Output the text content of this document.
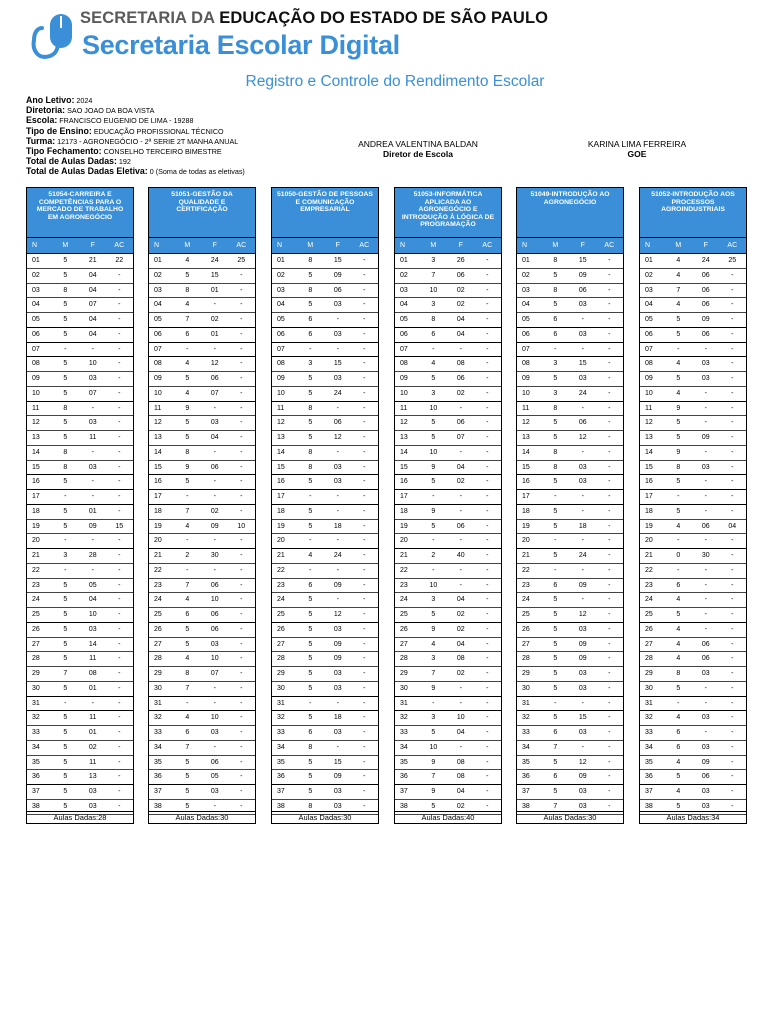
SECRETARIA DA EDUCAÇÃO DO ESTADO DE SÃO PAULO
Secretaria Escolar Digital
Registro e Controle do Rendimento Escolar
Ano Letivo: 2024
Diretoria: SAO JOAO DA BOA VISTA
Escola: FRANCISCO EUGENIO DE LIMA - 19288
Tipo de Ensino: EDUCAÇÃO PROFISSIONAL TÉCNICO
Turma: 12173 - AGRONEGÓCIO - 2ª SERIE 2T MANHA ANUAL
Tipo Fechamento: CONSELHO TERCEIRO BIMESTRE
Total de Aulas Dadas: 192
Total de Aulas Dadas Eletiva: 0 (Soma de todas as eletivas)
ANDREA VALENTINA BALDAN
Diretor de Escola
KARINA LIMA FERREIRA
GOE
51054-CARREIRA E COMPETÊNCIAS PARA O MERCADO DE TRABALHO EM AGRONEGÓCIO
N	M	F	AC
01	5	21	22
02	5	04	-
03	8	04	-
04	5	07	-
05	5	04	-
06	5	04	-
07	-	-	-
08	5	10	-
09	5	03	-
10	5	07	-
11	8	-	-
12	5	03	-
13	5	11	-
14	8	-	-
15	8	03	-
16	5	-	-
17	-	-	-
18	5	01	-
19	5	09	15
20	-	-	-
21	3	28	-
22	-	-	-
23	5	05	-
24	5	04	-
25	5	10	-
26	5	03	-
27	5	14	-
28	5	11	-
29	7	08	-
30	5	01	-
31	-	-	-
32	5	11	-
33	5	01	-
34	5	02	-
35	5	11	-
36	5	13	-
37	5	03	-
38	5	03	-
Aulas Dadas:28
51051-GESTÃO DA QUALIDADE E CERTIFICAÇÃO
N	M	F	AC
01	4	24	25
02	5	15	-
03	8	01	-
04	4	-	-
05	7	02	-
06	6	01	-
07	-	-	-
08	4	12	-
09	5	06	-
10	4	07	-
11	9	-	-
12	5	03	-
13	5	04	-
14	8	-	-
15	9	06	-
16	5	-	-
17	-	-	-
18	7	02	-
19	4	09	10
20	-	-	-
21	2	30	-
22	-	-	-
23	7	06	-
24	4	10	-
25	6	06	-
26	5	06	-
27	5	03	-
28	4	10	-
29	8	07	-
30	7	-	-
31	-	-	-
32	4	10	-
33	6	03	-
34	7	-	-
35	5	06	-
36	5	05	-
37	5	03	-
38	5	-	-
Aulas Dadas:30
51050-GESTÃO DE PESSOAS E COMUNICAÇÃO EMPRESARIAL
N	M	F	AC
01	8	15	-
02	5	09	-
03	8	06	-
04	5	03	-
05	6	-	-
06	6	03	-
07	-	-	-
08	3	15	-
09	5	03	-
10	5	24	-
11	8	-	-
12	5	06	-
13	5	12	-
14	8	-	-
15	8	03	-
16	5	03	-
17	-	-	-
18	5	-	-
19	5	18	-
20	-	-	-
21	4	24	-
22	-	-	-
23	6	09	-
24	5	-	-
25	5	12	-
26	5	03	-
27	5	09	-
28	5	09	-
29	5	03	-
30	5	03	-
31	-	-	-
32	5	18	-
33	6	03	-
34	8	-	-
35	5	15	-
36	5	09	-
37	5	03	-
38	8	03	-
Aulas Dadas:30
51053-INFORMÁTICA APLICADA AO AGRONEGÓCIO E INTRODUÇÃO À LÓGICA DE PROGRAMAÇÃO
N	M	F	AC
01	3	26	-
02	7	06	-
03	10	02	-
04	3	02	-
05	8	04	-
06	6	04	-
07	-	-	-
08	4	08	-
09	5	06	-
10	3	02	-
11	10	-	-
12	5	06	-
13	5	07	-
14	10	-	-
15	9	04	-
16	5	02	-
17	-	-	-
18	9	-	-
19	5	06	-
20	-	-	-
21	2	40	-
22	-	-	-
23	10	-	-
24	3	04	-
25	5	02	-
26	9	02	-
27	4	04	-
28	3	08	-
29	7	02	-
30	9	-	-
31	-	-	-
32	3	10	-
33	5	04	-
34	10	-	-
35	9	08	-
36	7	08	-
37	9	04	-
38	5	02	-
Aulas Dadas:40
51049-INTRODUÇÃO AO AGRONEGÓCIO
N	M	F	AC
01	8	15	-
02	5	09	-
03	8	06	-
04	5	03	-
05	6	-	-
06	6	03	-
07	-	-	-
08	3	15	-
09	5	03	-
10	3	24	-
11	8	-	-
12	5	06	-
13	5	12	-
14	8	-	-
15	8	03	-
16	5	03	-
17	-	-	-
18	5	-	-
19	5	18	-
20	-	-	-
21	5	24	-
22	-	-	-
23	6	09	-
24	5	-	-
25	5	12	-
26	5	03	-
27	5	09	-
28	5	09	-
29	5	03	-
30	5	03	-
31	-	-	-
32	5	15	-
33	6	03	-
34	7	-	-
35	5	12	-
36	6	09	-
37	5	03	-
38	7	03	-
Aulas Dadas:30
51052-INTRODUÇÃO AOS PROCESSOS AGROINDUSTRIAIS
N	M	F	AC
01	4	24	25
02	4	06	-
03	7	06	-
04	4	06	-
05	5	09	-
06	5	06	-
07	-	-	-
08	4	03	-
09	5	03	-
10	4	-	-
11	9	-	-
12	5	-	-
13	5	09	-
14	9	-	-
15	8	03	-
16	5	-	-
17	-	-	-
18	5	-	-
19	4	06	04
20	-	-	-
21	0	30	-
22	-	-	-
23	6	-	-
24	4	-	-
25	5	-	-
26	4	-	-
27	4	06	-
28	4	06	-
29	8	03	-
30	5	-	-
31	-	-	-
32	4	03	-
33	6	-	-
34	6	03	-
35	4	09	-
36	5	06	-
37	4	03	-
38	5	03	-
Aulas Dadas:34
